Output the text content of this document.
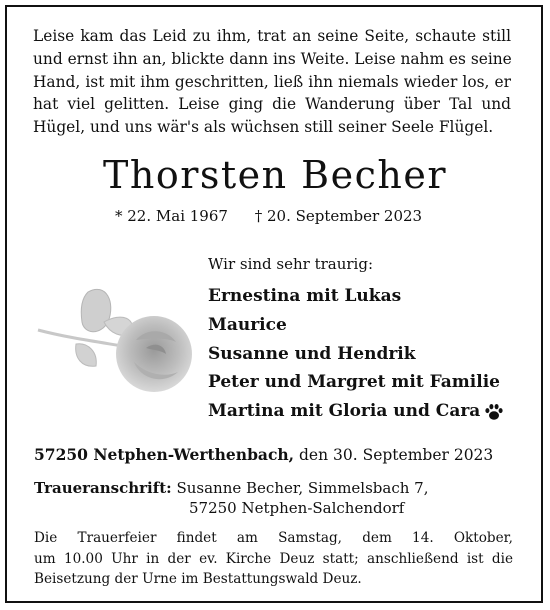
Leise kam das Leid zu ihm, trat an seine Seite, schaute still
und ernst ihn an, blickte dann ins Weite. Leise nahm es seine
Hand, ist mit ihm geschritten, ließ ihn niemals wieder los, er
hat viel gelitten. Leise ging die Wanderung über Tal und
Hügel, und uns wär's als wüchsen still seiner Seele Flügel.
Thorsten Becher
* 22. Mai 1967 † 20. September 2023
Wir sind sehr traurig:
Ernestina mit Lukas
Maurice
Susanne und Hendrik
Peter und Margret mit Familie
Martina mit Gloria und Cara
57250 Netphen-Werthenbach, den 30. September 2023
Traueranschrift: Susanne Becher, Simmelsbach 7,
57250 Netphen-Salchendorf
Die Trauerfeier findet am Samstag, dem 14. Oktober,
um 10.00 Uhr in der ev. Kirche Deuz statt; anschließend ist die
Beisetzung der Urne im Bestattungswald Deuz.
